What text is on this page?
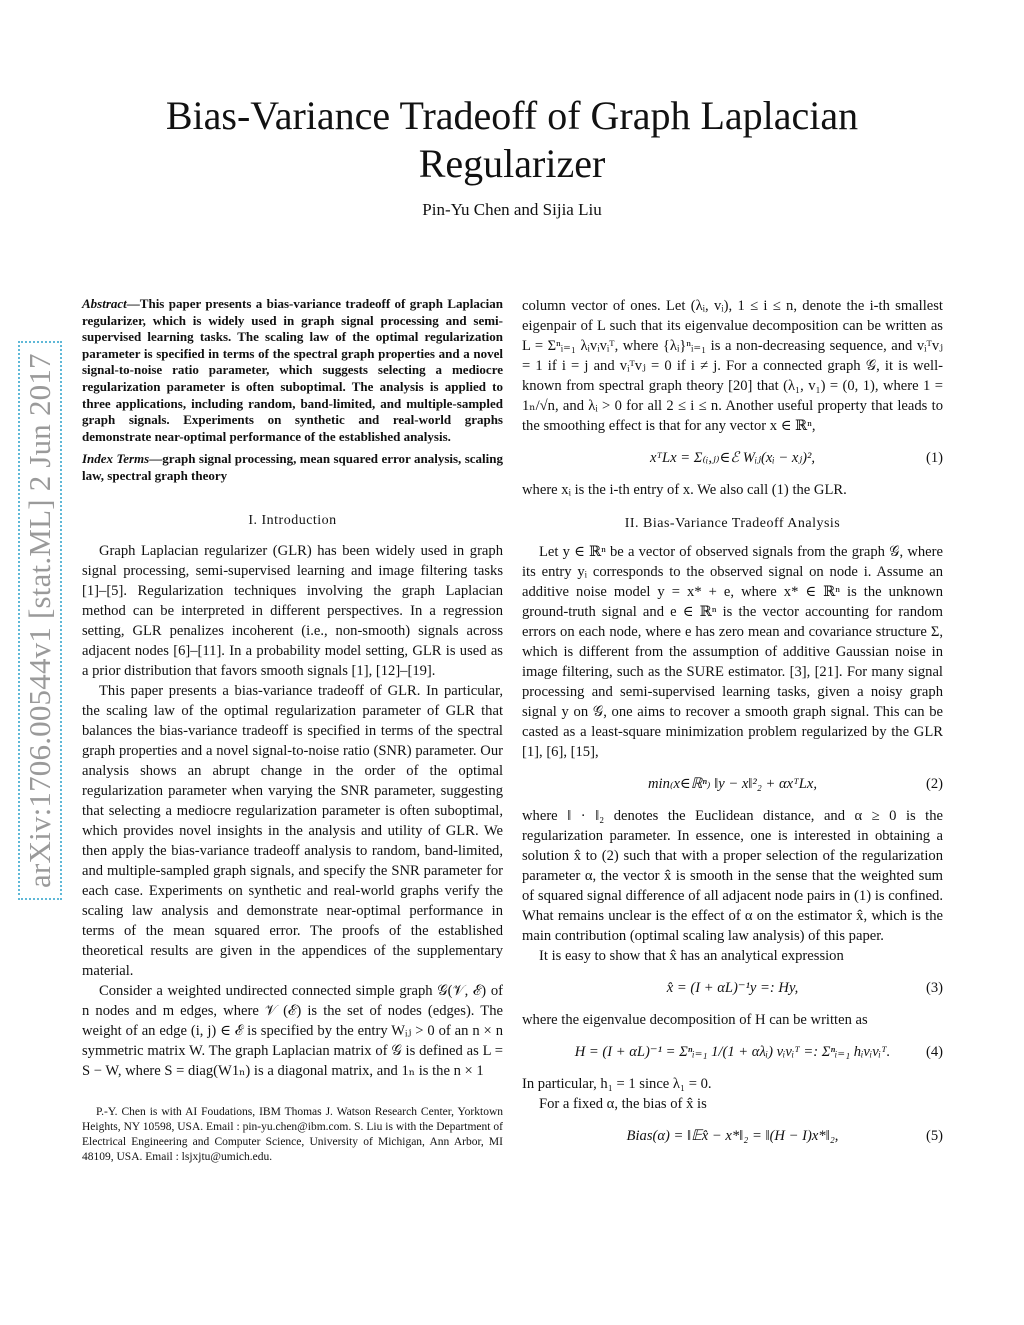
Bias-Variance Tradeoff of Graph Laplacian
Regularizer
Pin-Yu Chen and Sijia Liu
arXiv:1706.00544v1 [stat.ML] 2 Jun 2017
Abstract—This paper presents a bias-variance tradeoff of graph Laplacian regularizer, which is widely used in graph signal processing and semi-supervised learning tasks. The scaling law of the optimal regularization parameter is specified in terms of the spectral graph properties and a novel signal-to-noise ratio parameter, which suggests selecting a mediocre regularization parameter is often suboptimal. The analysis is applied to three applications, including random, band-limited, and multiple-sampled graph signals. Experiments on synthetic and real-world graphs demonstrate near-optimal performance of the established analysis.
Index Terms—graph signal processing, mean squared error analysis, scaling law, spectral graph theory
I. Introduction

Graph Laplacian regularizer (GLR) has been widely used in graph signal processing, semi-supervised learning and image filtering tasks [1]–[5]. Regularization techniques involving the graph Laplacian method can be interpreted in different perspectives. In a regression setting, GLR penalizes incoherent (i.e., non-smooth) signals across adjacent nodes [6]–[11]. In a probability model setting, GLR is used as a prior distribution that favors smooth signals [1], [12]–[19].

This paper presents a bias-variance tradeoff of GLR. In particular, the scaling law of the optimal regularization parameter of GLR that balances the bias-variance tradeoff is specified in terms of the spectral graph properties and a novel signal-to-noise ratio (SNR) parameter. Our analysis shows an abrupt change in the order of the optimal regularization parameter when varying the SNR parameter, suggesting that selecting a mediocre regularization parameter is often suboptimal, which provides novel insights in the analysis and utility of GLR. We then apply the bias-variance tradeoff analysis to random, band-limited, and multiple-sampled graph signals, and specify the SNR parameter for each case. Experiments on synthetic and real-world graphs verify the scaling law analysis and demonstrate near-optimal performance in terms of the mean squared error. The proofs of the established theoretical results are given in the appendices of the supplementary material.

Consider a weighted undirected connected simple graph 𝒢(𝒱, ℰ) of n nodes and m edges, where 𝒱 (ℰ) is the set of nodes (edges). The weight of an edge (i, j) ∈ ℰ is specified by the entry Wᵢⱼ > 0 of an n × n symmetric matrix W. The graph Laplacian matrix of 𝒢 is defined as L = S − W, where S = diag(W1ₙ) is a diagonal matrix, and 1ₙ is the n × 1

P.-Y. Chen is with AI Foudations, IBM Thomas J. Watson Research Center, Yorktown Heights, NY 10598, USA. Email : pin-yu.chen@ibm.com. S. Liu is with the Department of Electrical Engineering and Computer Science, University of Michigan, Ann Arbor, MI 48109, USA. Email : lsjxjtu@umich.edu.

column vector of ones. Let (λᵢ, vᵢ), 1 ≤ i ≤ n, denote the i-th smallest eigenpair of L such that its eigenvalue decomposition can be written as L = Σⁿᵢ₌₁ λᵢvᵢvᵢᵀ, where {λᵢ}ⁿᵢ₌₁ is a non-decreasing sequence, and vᵢᵀvⱼ = 1 if i = j and vᵢᵀvⱼ = 0 if i ≠ j. For a connected graph 𝒢, it is well-known from spectral graph theory [20] that (λ₁, v₁) = (0, 1), where 1 = 1ₙ/√n, and λᵢ > 0 for all 2 ≤ i ≤ n. Another useful property that leads to the smoothing effect is that for any vector x ∈ ℝⁿ,

xᵀLx = Σ₍ᵢ,ⱼ₎∈ℰ Wᵢⱼ(xᵢ − xⱼ)²,	(1)

where xᵢ is the i-th entry of x. We also call (1) the GLR.

II. Bias-Variance Tradeoff Analysis

Let y ∈ ℝⁿ be a vector of observed signals from the graph 𝒢, where its entry yᵢ corresponds to the observed signal on node i. Assume an additive noise model y = x* + e, where x* ∈ ℝⁿ is the unknown ground-truth signal and e ∈ ℝⁿ is the vector accounting for random errors on each node, where e has zero mean and covariance structure Σ, which is different from the assumption of additive Gaussian noise in image filtering, such as the SURE estimator. [3], [21]. For many signal processing and semi-supervised learning tasks, given a noisy graph signal y on 𝒢, one aims to recover a smooth graph signal. This can be casted as a least-square minimization problem regularized by the GLR [1], [6], [15],

min₍x∈ℝⁿ₎ ‖y − x‖²₂ + αxᵀLx,	(2)

where ‖ · ‖₂ denotes the Euclidean distance, and α ≥ 0 is the regularization parameter. In essence, one is interested in obtaining a solution x̂ to (2) such that with a proper selection of the regularization parameter α, the vector x̂ is smooth in the sense that the weighted sum of squared signal difference of all adjacent node pairs in (1) is confined. What remains unclear is the effect of α on the estimator x̂, which is the main contribution (optimal scaling law analysis) of this paper.

It is easy to show that x̂ has an analytical expression

x̂ = (I + αL)⁻¹y =: Hy,	(3)

where the eigenvalue decomposition of H can be written as

H = (I + αL)⁻¹ = Σⁿᵢ₌₁ 1/(1 + αλᵢ) vᵢvᵢᵀ =: Σⁿᵢ₌₁ hᵢvᵢvᵢᵀ. (4)

In particular, h₁ = 1 since λ₁ = 0.

For a fixed α, the bias of x̂ is

Bias(α) = ‖𝔼x̂ − x*‖₂ = ‖(H − I)x*‖₂,	(5)
